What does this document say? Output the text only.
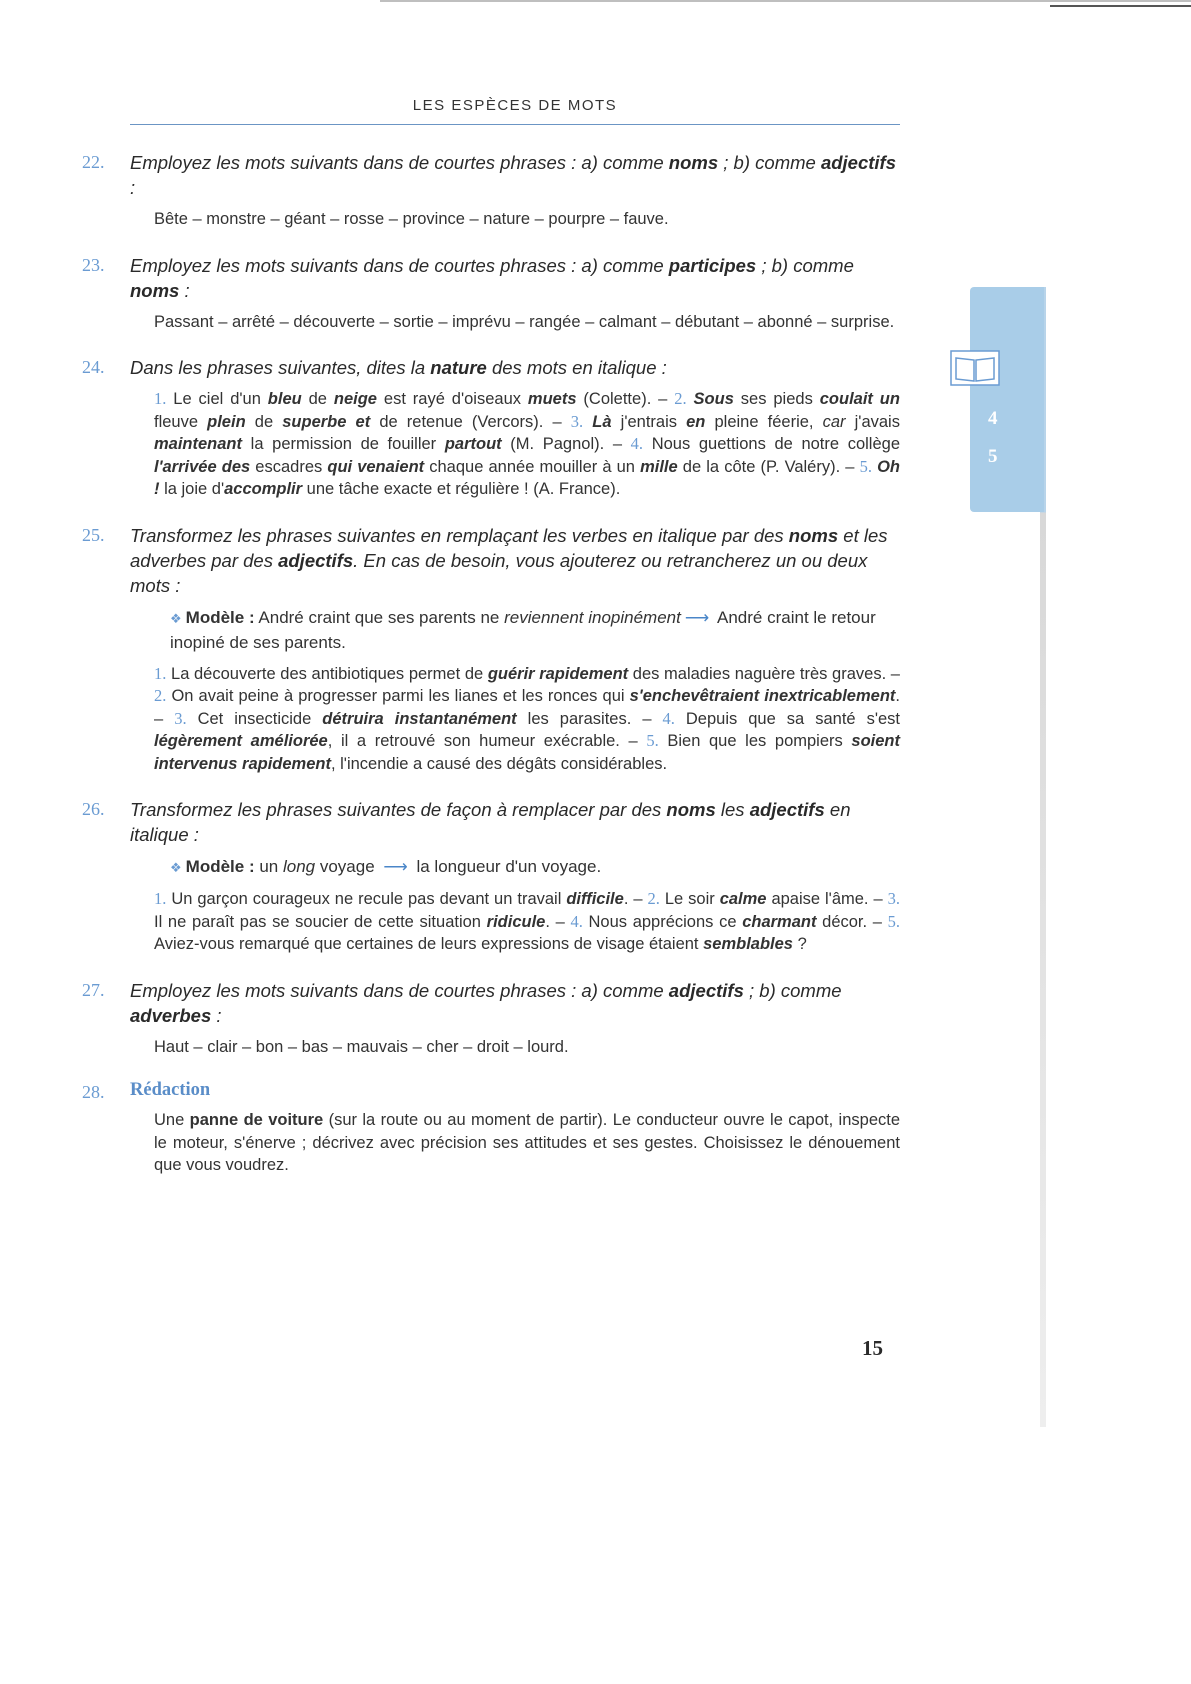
LES ESPÈCES DE MOTS
4
5
22. Employez les mots suivants dans de courtes phrases : a) comme noms ; b) comme adjectifs :
Bête – monstre – géant – rosse – province – nature – pourpre – fauve.
23. Employez les mots suivants dans de courtes phrases : a) comme participes ; b) comme noms :
Passant – arrêté – découverte – sortie – imprévu – rangée – calmant – débutant – abonné – surprise.
24. Dans les phrases suivantes, dites la nature des mots en italique :
1. Le ciel d'un bleu de neige est rayé d'oiseaux muets (Colette). – 2. Sous ses pieds coulait un fleuve plein de superbe et de retenue (Vercors). – 3. Là j'entrais en pleine féerie, car j'avais maintenant la permission de fouiller partout (M. Pagnol). – 4. Nous guettions de notre collège l'arrivée des escadres qui venaient chaque année mouiller à un mille de la côte (P. Valéry). – 5. Oh ! la joie d'accomplir une tâche exacte et régulière ! (A. France).
25. Transformez les phrases suivantes en remplaçant les verbes en italique par des noms et les adverbes par des adjectifs. En cas de besoin, vous ajouterez ou retrancherez un ou deux mots :
❖ Modèle : André craint que ses parents ne reviennent inopinément ⟶ André craint le retour inopiné de ses parents.
1. La découverte des antibiotiques permet de guérir rapidement des maladies naguère très graves. – 2. On avait peine à progresser parmi les lianes et les ronces qui s'enchevêtraient inextricablement. – 3. Cet insecticide détruira instantanément les parasites. – 4. Depuis que sa santé s'est légèrement améliorée, il a retrouvé son humeur exécrable. – 5. Bien que les pompiers soient intervenus rapidement, l'incendie a causé des dégâts considérables.
26. Transformez les phrases suivantes de façon à remplacer par des noms les adjectifs en italique :
❖ Modèle : un long voyage ⟶ la longueur d'un voyage.
1. Un garçon courageux ne recule pas devant un travail difficile. – 2. Le soir calme apaise l'âme. – 3. Il ne paraît pas se soucier de cette situation ridicule. – 4. Nous apprécions ce charmant décor. – 5. Aviez-vous remarqué que certaines de leurs expressions de visage étaient semblables ?
27. Employez les mots suivants dans de courtes phrases : a) comme adjectifs ; b) comme adverbes :
Haut – clair – bon – bas – mauvais – cher – droit – lourd.
28. Rédaction
Une panne de voiture (sur la route ou au moment de partir). Le conducteur ouvre le capot, inspecte le moteur, s'énerve ; décrivez avec précision ses attitudes et ses gestes. Choisissez le dénouement que vous voudrez.
15
